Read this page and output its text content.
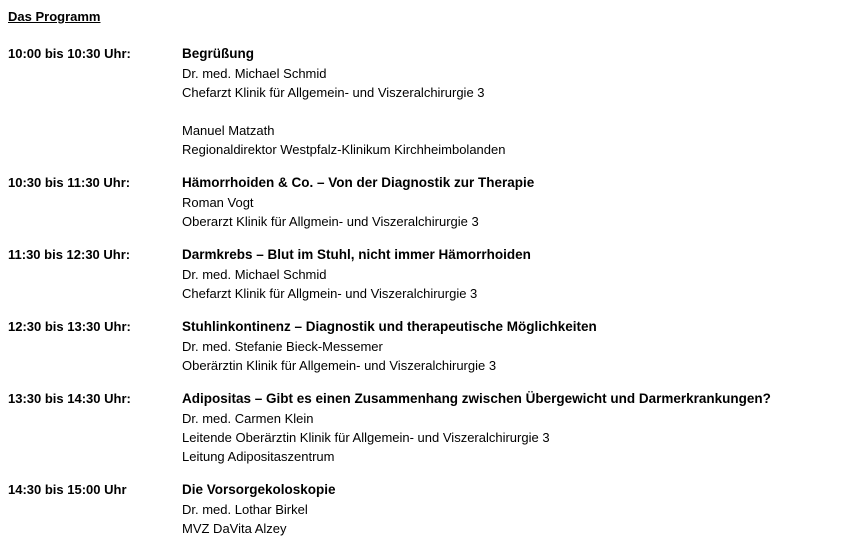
Das Programm
10:00 bis 10:30 Uhr:	Begrüßung
Dr. med. Michael Schmid
Chefarzt Klinik für Allgemein- und Viszeralchirurgie 3
Manuel Matzath
Regionaldirektor Westpfalz-Klinikum Kirchheimbolanden
10:30 bis 11:30 Uhr:	Hämorrhoiden & Co. – Von der Diagnostik zur Therapie
Roman Vogt
Oberarzt Klinik für Allgmein- und Viszeralchirurgie 3
11:30 bis 12:30 Uhr:	Darmkrebs – Blut im Stuhl, nicht immer Hämorrhoiden
Dr. med. Michael Schmid
Chefarzt Klinik für Allgmein- und Viszeralchirurgie 3
12:30 bis 13:30 Uhr:	Stuhlinkontinenz – Diagnostik und therapeutische Möglichkeiten
Dr. med. Stefanie Bieck-Messemer
Oberärztin Klinik für Allgemein- und Viszeralchirurgie 3
13:30 bis 14:30 Uhr:	Adipositas – Gibt es einen Zusammenhang zwischen Übergewicht und Darmerkrankungen?
Dr. med. Carmen Klein
Leitende Oberärztin Klinik für Allgemein- und Viszeralchirurgie 3
Leitung Adipositaszentrum
14:30 bis 15:00 Uhr	Die Vorsorgekoloskopie
Dr. med. Lothar Birkel
MVZ DaVita Alzey
